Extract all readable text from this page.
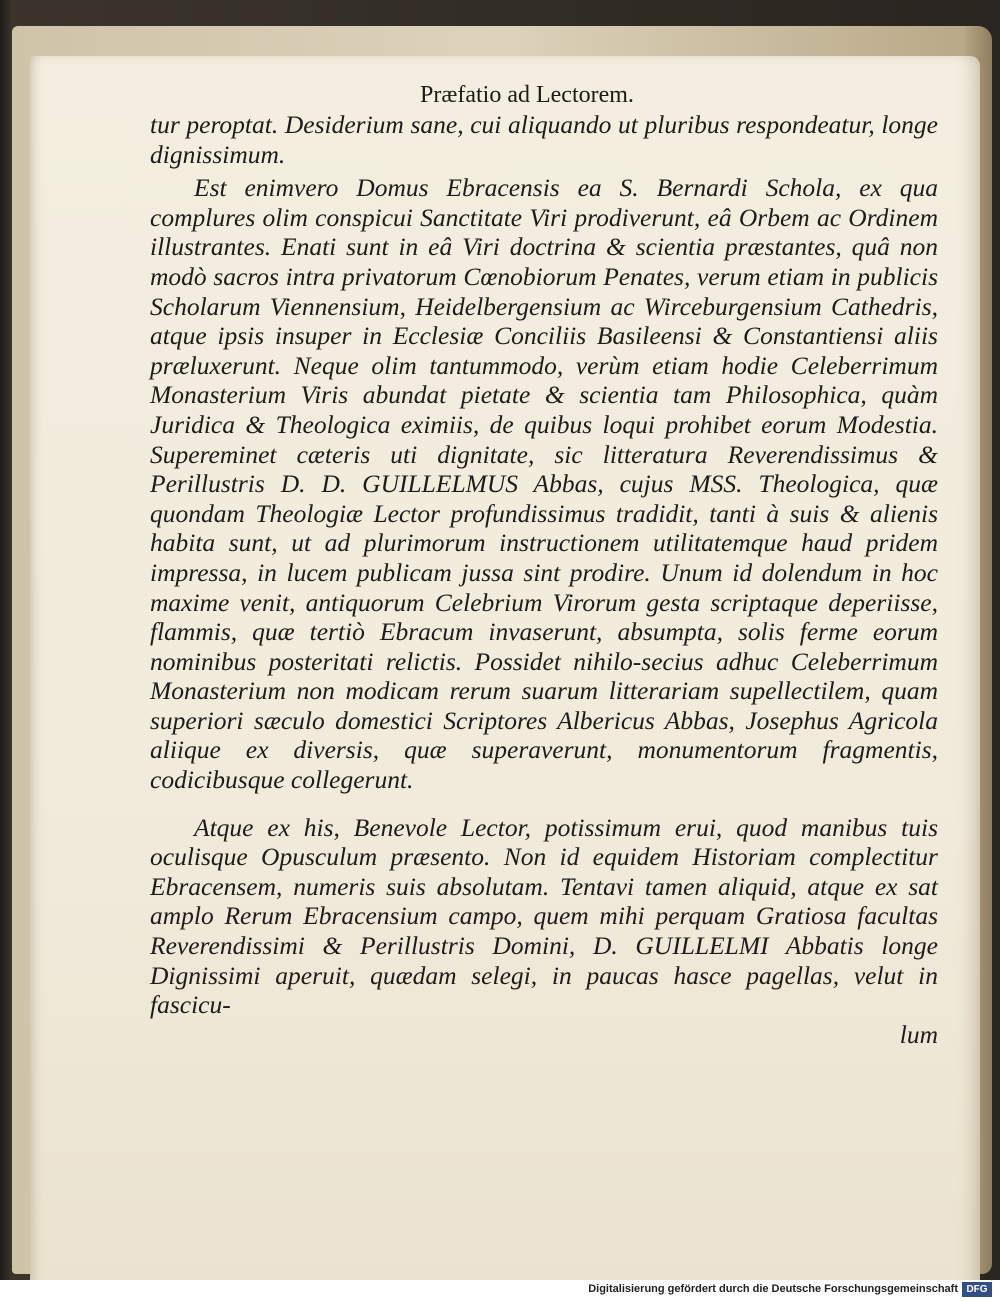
Præfatio ad Lectorem.

tur peroptat. Desiderium sane, cui aliquando ut pluribus respondeatur, longe dignissimum.

Est enimvero Domus Ebracensis ea S. Bernardi Schola, ex qua complures olim conspicui Sanctitate Viri prodiverunt, eâ Orbem ac Ordinem illustrantes. Enati sunt in eâ Viri doctrina & scientia præstantes, quâ non modò sacros intra privatorum Cœnobiorum Penates, verum etiam in publicis Scholarum Viennensium, Heidelbergensium ac Wirceburgensium Cathedris, atque ipsis insuper in Ecclesiæ Conciliis Basileensi & Constantiensi aliis præluxerunt. Neque olim tantummodo, verùm etiam hodie Celeberrimum Monasterium Viris abundat pietate & scientia tam Philosophica, quàm Juridica & Theologica eximiis, de quibus loqui prohibet eorum Modestia. Supereminet cæteris uti dignitate, sic litteratura Reverendissimus & Perillustris D. D. GUILLELMUS Abbas, cujus MSS. Theologica, quæ quondam Theologiæ Lector profundissimus tradidit, tanti à suis & alienis habita sunt, ut ad plurimorum instructionem utilitatemque haud pridem impressa, in lucem publicam jussa sint prodire. Unum id dolendum in hoc maxime venit, antiquorum Celebrium Virorum gesta scriptaque deperiisse, flammis, quæ tertiò Ebracum invaserunt, absumpta, solis ferme eorum nominibus posteritati relictis. Possidet nihilo-secius adhuc Celeberrimum Monasterium non modicam rerum suarum litterariam supellectilem, quam superiori sæculo domestici Scriptores Albericus Abbas, Josephus Agricola aliique ex diversis, quæ superaverunt, monumentorum fragmentis, codicibusque collegerunt.

Atque ex his, Benevole Lector, potissimum erui, quod manibus tuis oculisque Opusculum præsento. Non id equidem Historiam complectitur Ebracensem, numeris suis absolutam. Tentavi tamen aliquid, atque ex sat amplo Rerum Ebracensium campo, quem mihi perquam Gratiosa facultas Reverendissimi & Perillustris Domini, D. GUILLELMI Abbatis longe Dignissimi aperuit, quædam selegi, in paucas hasce pagellas, velut in fascicu-

lum

Digitalisierung gefördert durch die Deutsche Forschungsgemeinschaft DFG
